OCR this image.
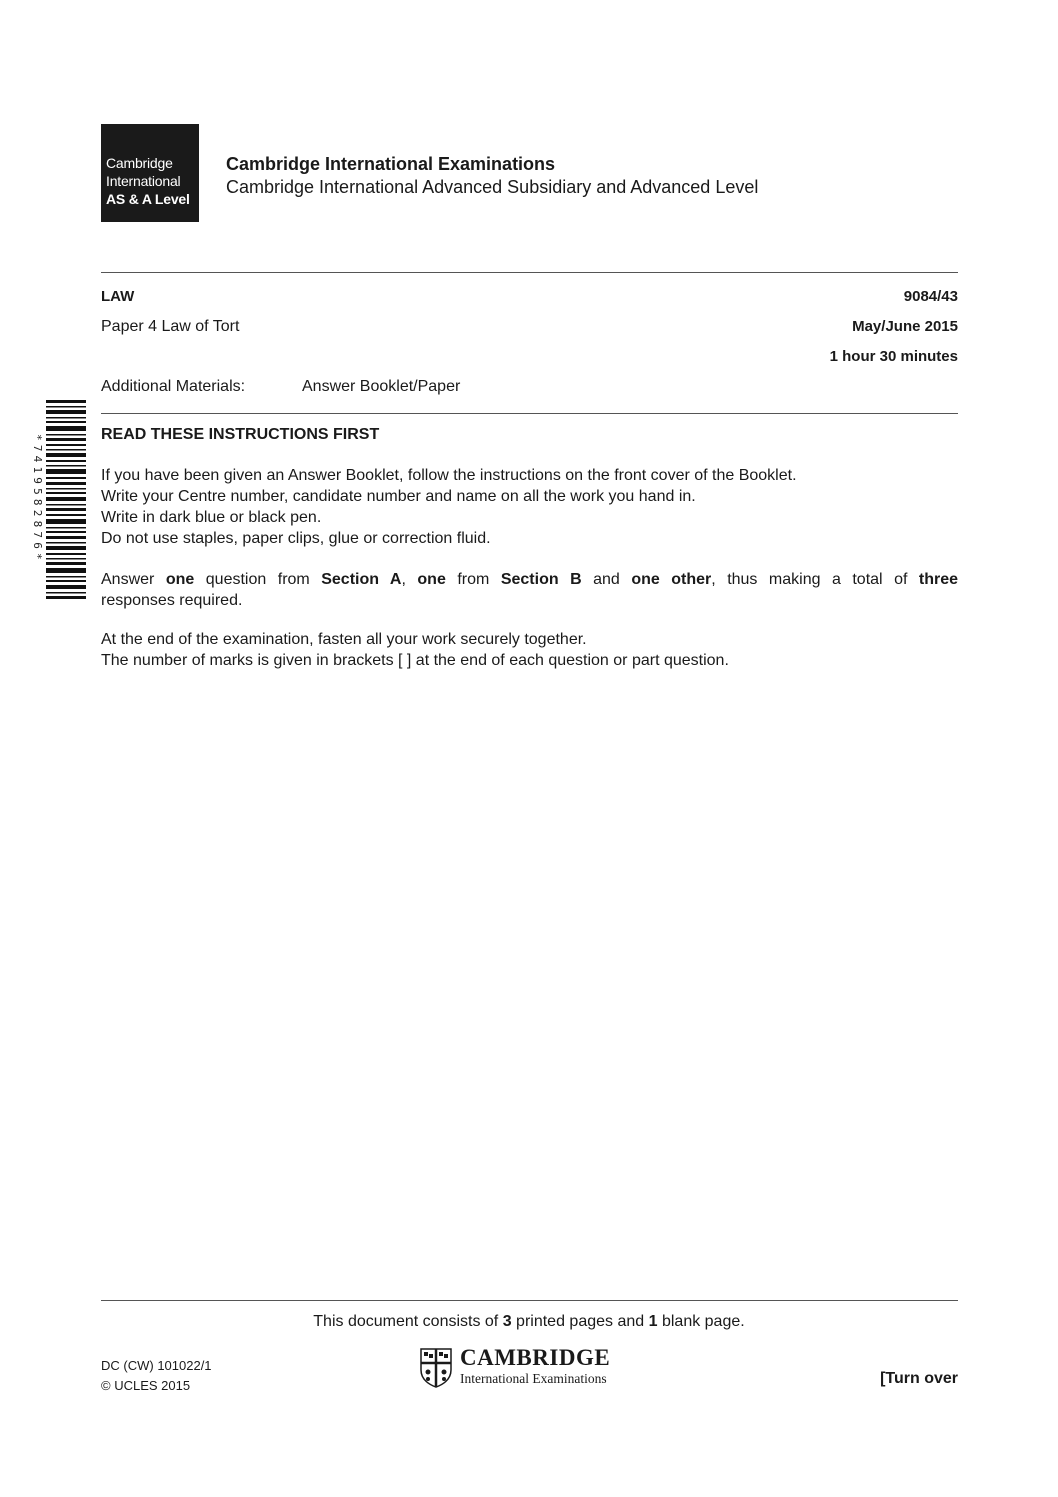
Cambridge
International
AS & A Level
Cambridge International Examinations
Cambridge International Advanced Subsidiary and Advanced Level
LAW	9084/43
Paper 4 Law of Tort	May/June 2015
1 hour 30 minutes
Additional Materials:	Answer Booklet/Paper
*7419582876*	READ THESE INSTRUCTIONS FIRST

If you have been given an Answer Booklet, follow the instructions on the front cover of the Booklet.

Write your Centre number, candidate number and name on all the work you hand in.

Write in dark blue or black pen.

Do not use staples, paper clips, glue or correction fluid.

Answer one question from Section A, one from Section B and one other, thus making a total of three

responses required.

At the end of the examination, fasten all your work securely together.

The number of marks is given in brackets [ ] at the end of each question or part question.

This document consists of 3 printed pages and 1 blank page.
DC (CW) 101022/1
© UCLES 2015
CAMBRIDGE
International Examinations	[Turn over
